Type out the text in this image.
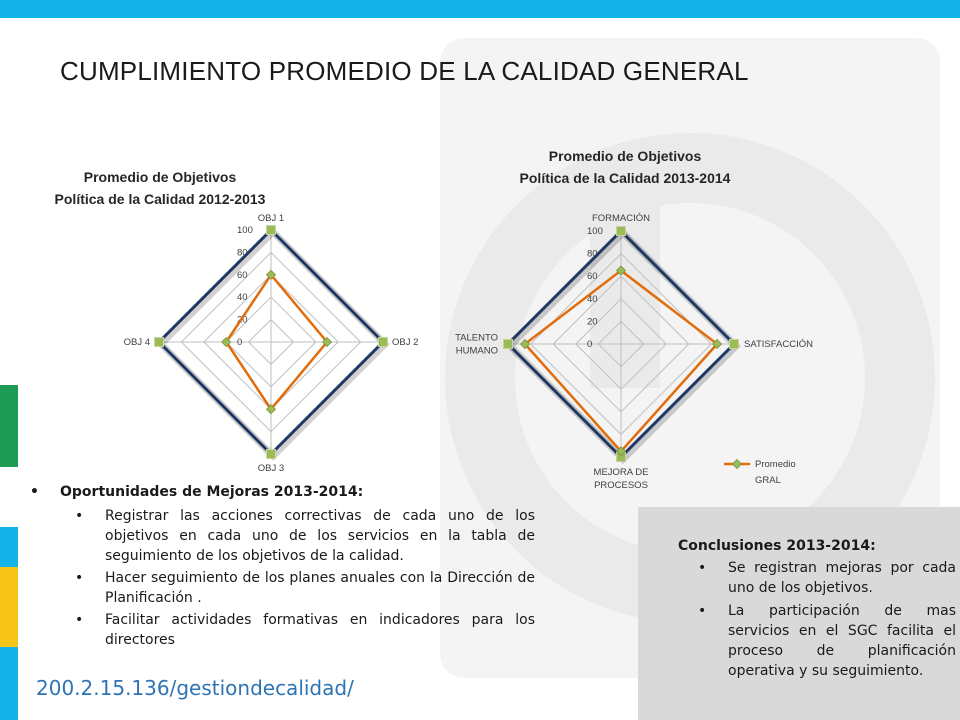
CUMPLIMIENTO PROMEDIO DE LA CALIDAD GENERAL
Promedio de Objetivos
Política de la Calidad 2012-2013
0
20
40
60
80
100
OBJ 1
OBJ 2
OBJ 3
OBJ 4
Promedio de Objetivos
Política de la Calidad 2013-2014
0
20
40
60
80
100
FORMACIÓN
SATISFACCIÓN
MEJORA DE
PROCESOS
TALENTO
HUMANO
Promedio
GRAL
• Oportunidades de Mejoras 2013-2014:
• Registrar las acciones correctivas de cada uno de los objetivos en cada uno de los servicios en la tabla de seguimiento de los objetivos de la calidad.
• Hacer seguimiento de los planes anuales con la Dirección de Planificación .
• Facilitar actividades formativas en indicadores para los directores
Conclusiones 2013-2014:
• Se registran mejoras por cada uno de los objetivos.
• La participación de mas servicios en el SGC facilita el proceso de planificación operativa y su seguimiento.
200.2.15.136/gestiondecalidad/
